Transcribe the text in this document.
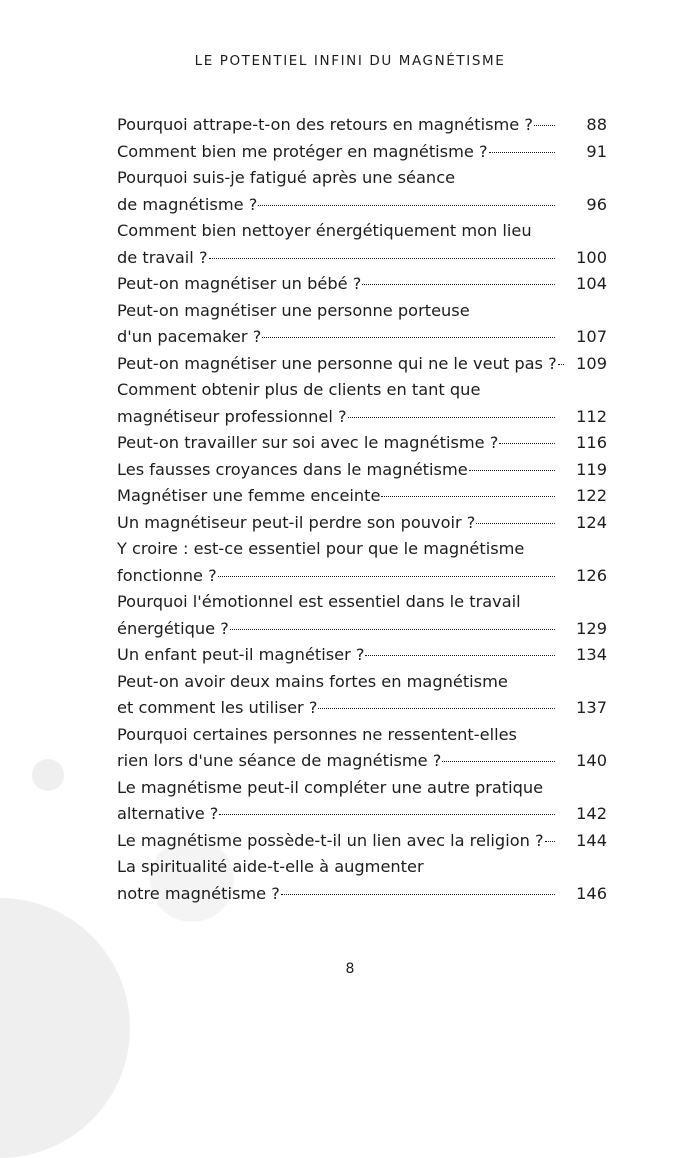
LE POTENTIEL INFINI DU MAGNÉTISME
Pourquoi attrape-t-on des retours en magnétisme ?	88
Comment bien me protéger en magnétisme ?	91
Pourquoi suis-je fatigué après une séance
de magnétisme ?	96
Comment bien nettoyer énergétiquement mon lieu
de travail ?	100
Peut-on magnétiser un bébé ?	104
Peut-on magnétiser une personne porteuse
d'un pacemaker ?	107
Peut-on magnétiser une personne qui ne le veut pas ? 109
Comment obtenir plus de clients en tant que
magnétiseur professionnel ?	112
Peut-on travailler sur soi avec le magnétisme ?	116
Les fausses croyances dans le magnétisme	119
Magnétiser une femme enceinte	122
Un magnétiseur peut-il perdre son pouvoir ?	124
Y croire : est-ce essentiel pour que le magnétisme
fonctionne ?	126
Pourquoi l'émotionnel est essentiel dans le travail
énergétique ?	129
Un enfant peut-il magnétiser ?	134
Peut-on avoir deux mains fortes en magnétisme
et comment les utiliser ?	137
Pourquoi certaines personnes ne ressentent-elles
rien lors d'une séance de magnétisme ?	140
Le magnétisme peut-il compléter une autre pratique
alternative ?	142
Le magnétisme possède-t-il un lien avec la religion ? 144
La spiritualité aide-t-elle à augmenter
notre magnétisme ?	146
8
